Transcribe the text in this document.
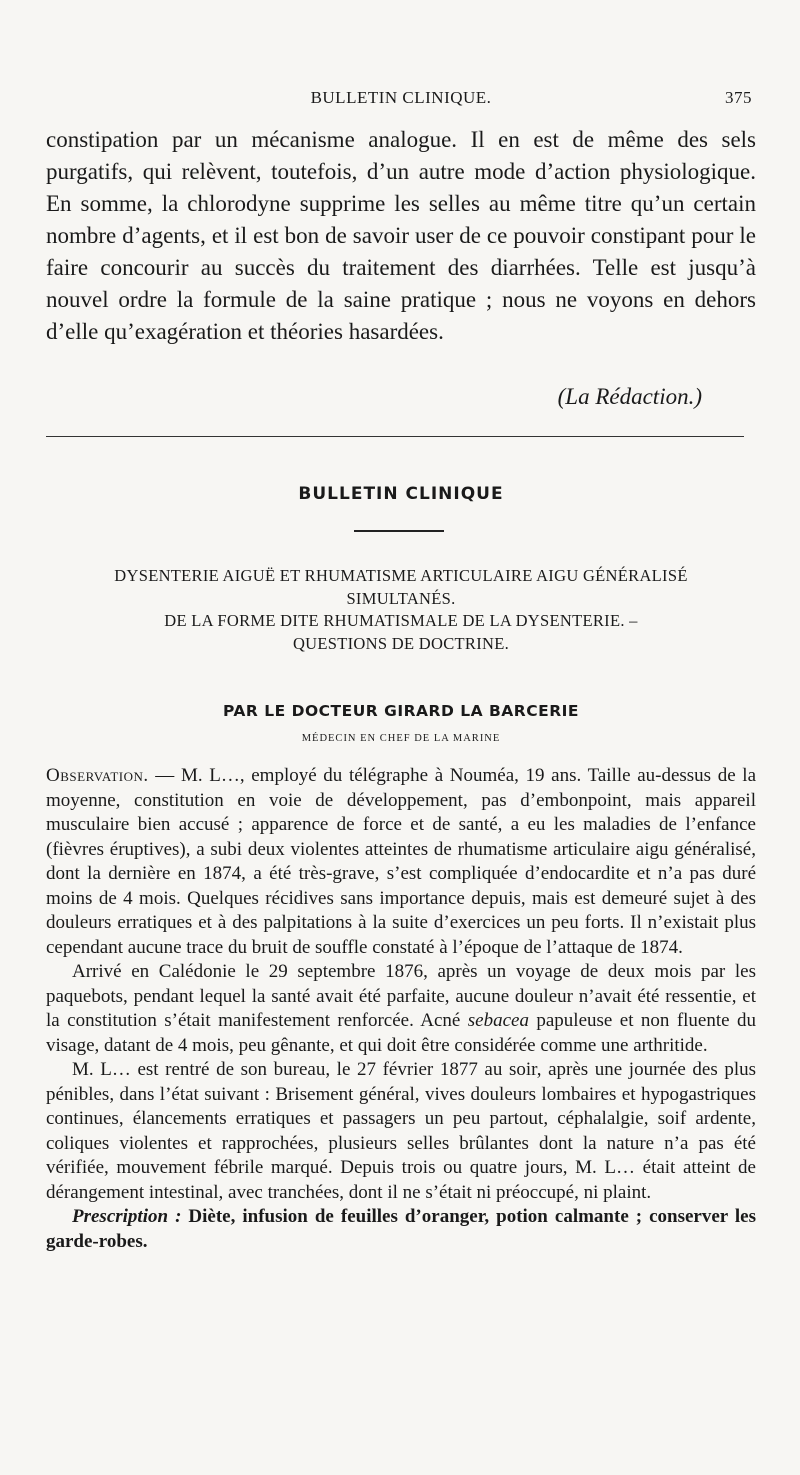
BULLETIN CLINIQUE.	375

constipation par un mécanisme analogue. Il en est de même des sels purgatifs, qui relèvent, toutefois, d’un autre mode d’action physiologique. En somme, la chlorodyne supprime les selles au même titre qu’un certain nombre d’agents, et il est bon de savoir user de ce pouvoir constipant pour le faire concourir au succès du traitement des diarrhées. Telle est jusqu’à nouvel ordre la formule de la saine pratique ; nous ne voyons en dehors d’elle qu’exagération et théories hasardées.

(La Rédaction.)
BULLETIN CLINIQUE
DYSENTERIE AIGUË ET RHUMATISME ARTICULAIRE AIGU GÉNÉRALISÉ
SIMULTANÉS.
DE LA FORME DITE RHUMATISMALE DE LA DYSENTERIE. –
QUESTIONS DE DOCTRINE.
PAR LE DOCTEUR GIRARD LA BARCERIE
MÉDECIN EN CHEF DE LA MARINE

Observation. — M. L…, employé du télégraphe à Nouméa, 19 ans. Taille au-dessus de la moyenne, constitution en voie de développement, pas d’embonpoint, mais appareil musculaire bien accusé ; apparence de force et de santé, a eu les maladies de l’enfance (fièvres éruptives), a subi deux violentes atteintes de rhumatisme articulaire aigu généralisé, dont la dernière en 1874, a été très-grave, s’est compliquée d’endocardite et n’a pas duré moins de 4 mois. Quelques récidives sans importance depuis, mais est demeuré sujet à des douleurs erratiques et à des palpitations à la suite d’exercices un peu forts. Il n’existait plus cependant aucune trace du bruit de souffle constaté à l’époque de l’attaque de 1874.

Arrivé en Calédonie le 29 septembre 1876, après un voyage de deux mois par les paquebots, pendant lequel la santé avait été parfaite, aucune douleur n’avait été ressentie, et la constitution s’était manifestement renforcée. Acné sebacea papuleuse et non fluente du visage, datant de 4 mois, peu gênante, et qui doit être considérée comme une arthritide.

M. L… est rentré de son bureau, le 27 février 1877 au soir, après une journée des plus pénibles, dans l’état suivant : Brisement général, vives douleurs lombaires et hypogastriques continues, élancements erratiques et passagers un peu partout, céphalalgie, soif ardente, coliques violentes et rapprochées, plusieurs selles brûlantes dont la nature n’a pas été vérifiée, mouvement fébrile marqué. Depuis trois ou quatre jours, M. L… était atteint de dérangement intestinal, avec tranchées, dont il ne s’était ni préoccupé, ni plaint.

Prescription : Diète, infusion de feuilles d’oranger, potion calmante ; conserver les garde-robes.
